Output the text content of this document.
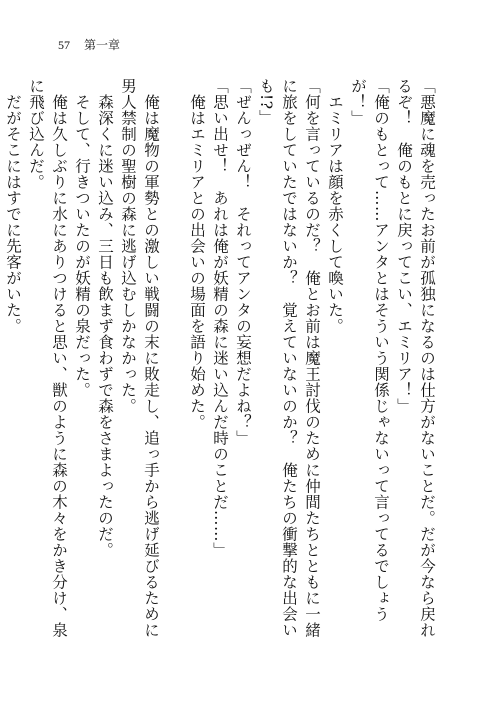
57 第一章

「悪魔に魂を売ったお前が孤独になるのは仕方がないことだ。だが今なら戻れるぞ！　俺のもとに戻ってこい、エミリア！」

「俺のもとって……アンタとはそういう関係じゃないって言ってるでしょうが！」

エミリアは顔を赤くして喚いた。

「何を言っているのだ？　俺とお前は魔王討伐のために仲間たちとともに一緒に旅をしていたではないか？　覚えていないのか？　俺たちの衝撃的な出会いも!?」

「ぜんっぜん！　それってアンタの妄想だよね？」

「思い出せ！　あれは俺が妖精の森に迷い込んだ時のことだ……」

俺はエミリアとの出会いの場面を語り始めた。

俺は魔物の軍勢との激しい戦闘の末に敗走し、追っ手から逃げ延びるために男人禁制の聖樹の森に逃げ込むしかなかった。

森深くに迷い込み、三日も飲まず食わずで森をさまよったのだ。

そして、行きついたのが妖精の泉だった。

俺は久しぶりに水にありつけると思い、獣のように森の木々をかき分け、泉に飛び込んだ。

だがそこにはすでに先客がいた。
